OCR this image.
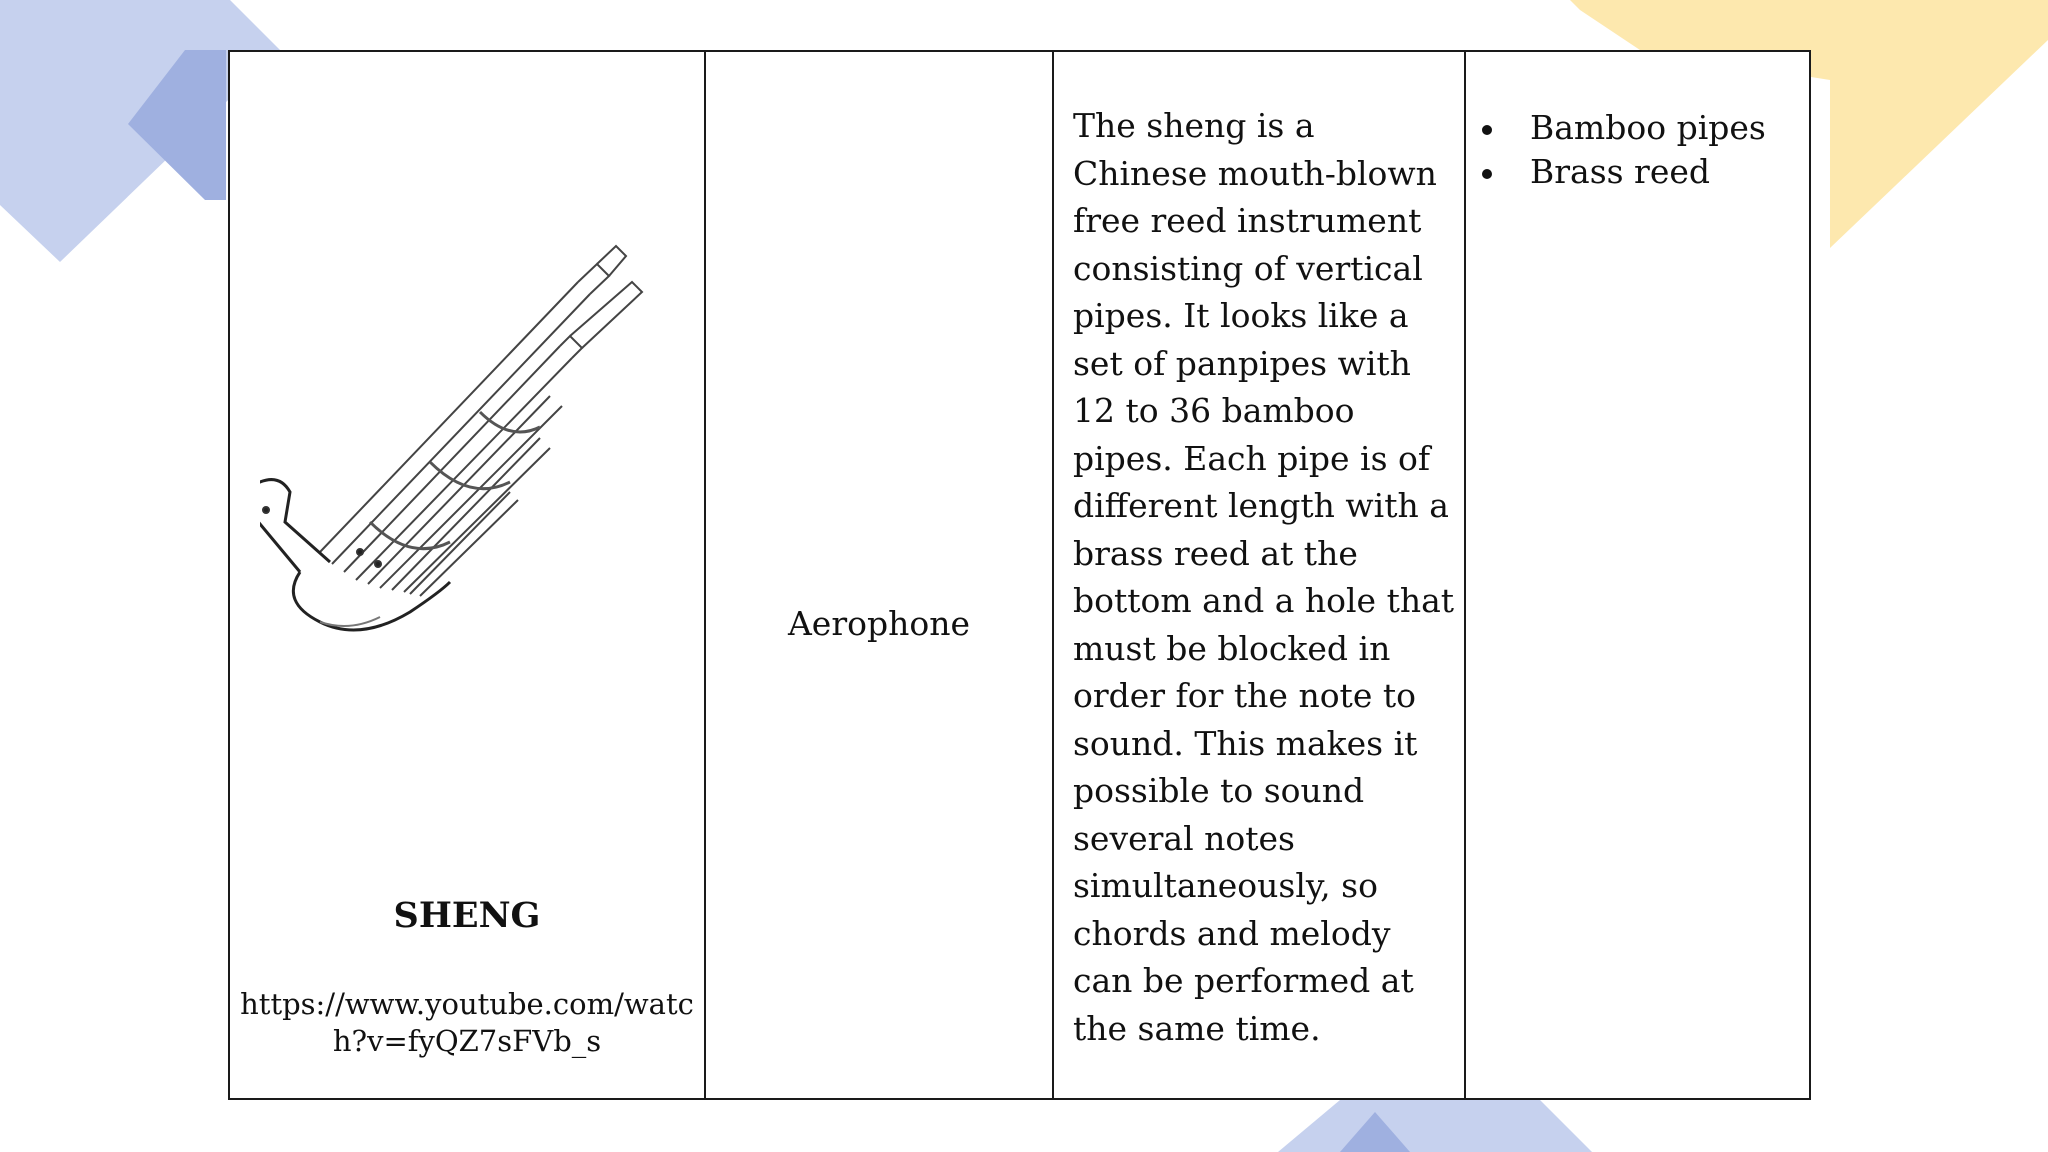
SHENG
https://www.youtube.com/watch?v=fyQZ7sFVb_s
Aerophone
The sheng is a Chinese mouth-blown free reed instrument consisting of vertical pipes. It looks like a set of panpipes with 12 to 36 bamboo pipes. Each pipe is of different length with a brass reed at the bottom and a hole that must be blocked in order for the note to sound. This makes it possible to sound several notes simultaneously, so chords and melody can be performed at the same time.
Bamboo pipes
Brass reed
